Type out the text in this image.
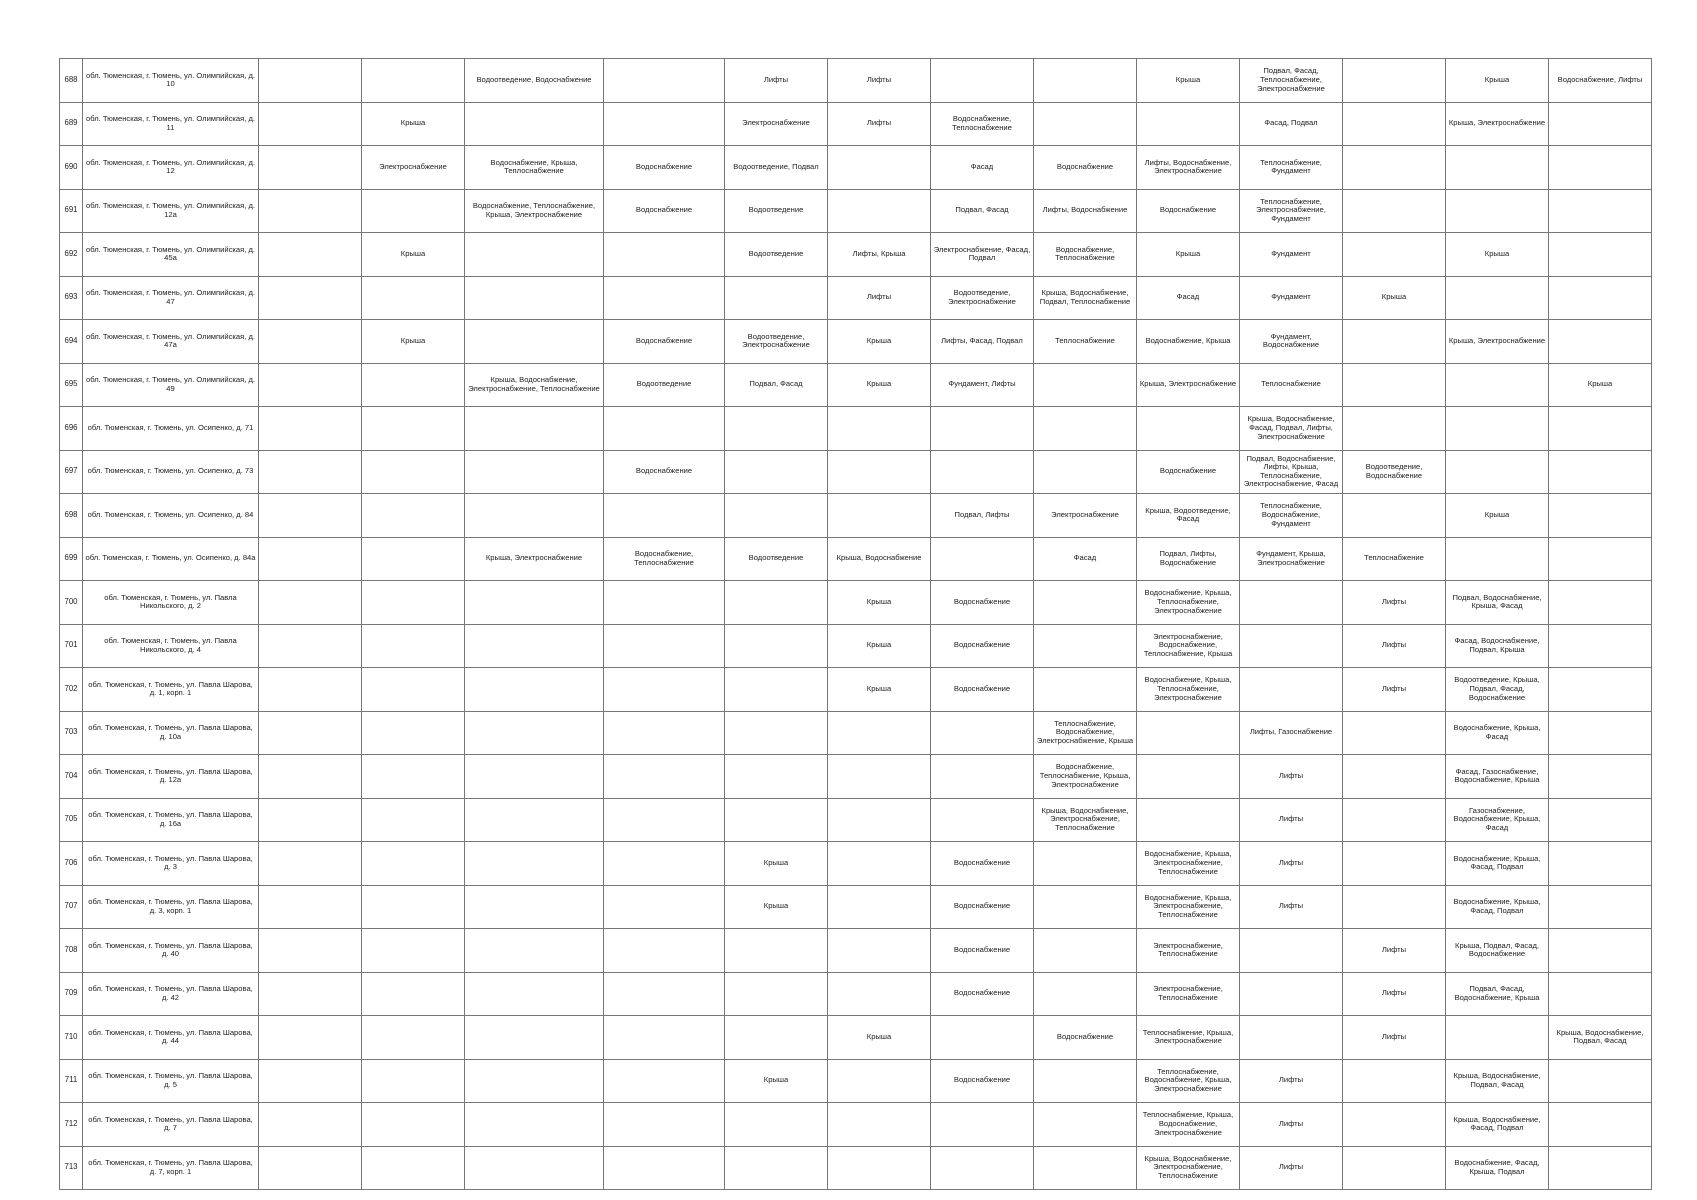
688	обл. Тюменская, г. Тюмень, ул. Олимпийская, д. 10			Водоотведение, Водоснабжение		Лифты	Лифты			Крыша	Подвал, Фасад, Теплоснабжение, Электроснабжение		Крыша	Водоснабжение, Лифты
689	обл. Тюменская, г. Тюмень, ул. Олимпийская, д. 11		Крыша			Электроснабжение	Лифты	Водоснабжение, Теплоснабжение			Фасад, Подвал		Крыша, Электроснабжение	
690	обл. Тюменская, г. Тюмень, ул. Олимпийская, д. 12		Электроснабжение	Водоснабжение, Крыша, Теплоснабжение	Водоснабжение	Водоотведение, Подвал		Фасад	Водоснабжение	Лифты, Водоснабжение, Электроснабжение	Теплоснабжение, Фундамент			
691	обл. Тюменская, г. Тюмень, ул. Олимпийская, д. 12а			Водоснабжение, Теплоснабжение, Крыша, Электроснабжение	Водоснабжение	Водоотведение		Подвал, Фасад	Лифты, Водоснабжение	Водоснабжение	Теплоснабжение, Электроснабжение, Фундамент			
692	обл. Тюменская, г. Тюмень, ул. Олимпийская, д. 45а		Крыша			Водоотведение	Лифты, Крыша	Электроснабжение, Фасад, Подвал	Водоснабжение, Теплоснабжение	Крыша	Фундамент		Крыша	
693	обл. Тюменская, г. Тюмень, ул. Олимпийская, д. 47						Лифты	Водоотведение, Электроснабжение	Крыша, Водоснабжение, Подвал, Теплоснабжение	Фасад	Фундамент	Крыша		
694	обл. Тюменская, г. Тюмень, ул. Олимпийская, д. 47а		Крыша		Водоснабжение	Водоотведение, Электроснабжение	Крыша	Лифты, Фасад, Подвал	Теплоснабжение	Водоснабжение, Крыша	Фундамент, Водоснабжение		Крыша, Электроснабжение	
695	обл. Тюменская, г. Тюмень, ул. Олимпийская, д. 49			Крыша, Водоснабжение, Электроснабжение, Теплоснабжение	Водоотведение	Подвал, Фасад	Крыша	Фундамент, Лифты		Крыша, Электроснабжение	Теплоснабжение			Крыша
696	обл. Тюменская, г. Тюмень, ул. Осипенко, д. 71										Крыша, Водоснабжение, Фасад, Подвал, Лифты, Электроснабжение			
697	обл. Тюменская, г. Тюмень, ул. Осипенко, д. 73				Водоснабжение					Водоснабжение	Подвал, Водоснабжение, Лифты, Крыша, Теплоснабжение, Электроснабжение, Фасад	Водоотведение, Водоснабжение		
698	обл. Тюменская, г. Тюмень, ул. Осипенко, д. 84							Подвал, Лифты	Электроснабжение	Крыша, Водоотведение, Фасад	Теплоснабжение, Водоснабжение, Фундамент		Крыша	
699	обл. Тюменская, г. Тюмень, ул. Осипенко, д. 84а			Крыша, Электроснабжение	Водоснабжение, Теплоснабжение	Водоотведение	Крыша, Водоснабжение		Фасад	Подвал, Лифты, Водоснабжение	Фундамент, Крыша, Электроснабжение	Теплоснабжение		
700	обл. Тюменская, г. Тюмень, ул. Павла Никольского, д. 2						Крыша	Водоснабжение		Водоснабжение, Крыша, Теплоснабжение, Электроснабжение		Лифты	Подвал, Водоснабжение, Крыша, Фасад	
701	обл. Тюменская, г. Тюмень, ул. Павла Никольского, д. 4						Крыша	Водоснабжение		Электроснабжение, Водоснабжение, Теплоснабжение, Крыша		Лифты	Фасад, Водоснабжение, Подвал, Крыша	
702	обл. Тюменская, г. Тюмень, ул. Павла Шарова, д. 1, корп. 1						Крыша	Водоснабжение		Водоснабжение, Крыша, Теплоснабжение, Электроснабжение		Лифты	Водоотведение, Крыша, Подвал, Фасад, Водоснабжение	
703	обл. Тюменская, г. Тюмень, ул. Павла Шарова, д. 10а								Теплоснабжение, Водоснабжение, Электроснабжение, Крыша		Лифты, Газоснабжение		Водоснабжение, Крыша, Фасад	
704	обл. Тюменская, г. Тюмень, ул. Павла Шарова, д. 12а								Водоснабжение, Теплоснабжение, Крыша, Электроснабжение		Лифты		Фасад, Газоснабжение, Водоснабжение, Крыша	
705	обл. Тюменская, г. Тюмень, ул. Павла Шарова, д. 16а								Крыша, Водоснабжение, Электроснабжение, Теплоснабжение		Лифты		Газоснабжение, Водоснабжение, Крыша, Фасад	
706	обл. Тюменская, г. Тюмень, ул. Павла Шарова, д. 3					Крыша		Водоснабжение		Водоснабжение, Крыша, Электроснабжение, Теплоснабжение	Лифты		Водоснабжение, Крыша, Фасад, Подвал	
707	обл. Тюменская, г. Тюмень, ул. Павла Шарова, д. 3, корп. 1					Крыша		Водоснабжение		Водоснабжение, Крыша, Электроснабжение, Теплоснабжение	Лифты		Водоснабжение, Крыша, Фасад, Подвал	
708	обл. Тюменская, г. Тюмень, ул. Павла Шарова, д. 40							Водоснабжение		Электроснабжение, Теплоснабжение		Лифты	Крыша, Подвал, Фасад, Водоснабжение	
709	обл. Тюменская, г. Тюмень, ул. Павла Шарова, д. 42							Водоснабжение		Электроснабжение, Теплоснабжение		Лифты	Подвал, Фасад, Водоснабжение, Крыша	
710	обл. Тюменская, г. Тюмень, ул. Павла Шарова, д. 44						Крыша		Водоснабжение	Теплоснабжение, Крыша, Электроснабжение		Лифты		Крыша, Водоснабжение, Подвал, Фасад
711	обл. Тюменская, г. Тюмень, ул. Павла Шарова, д. 5					Крыша		Водоснабжение		Теплоснабжение, Водоснабжение, Крыша, Электроснабжение	Лифты		Крыша, Водоснабжение, Подвал, Фасад	
712	обл. Тюменская, г. Тюмень, ул. Павла Шарова, д. 7									Теплоснабжение, Крыша, Водоснабжение, Электроснабжение	Лифты		Крыша, Водоснабжение, Фасад, Подвал	
713	обл. Тюменская, г. Тюмень, ул. Павла Шарова, д. 7, корп. 1									Крыша, Водоснабжение, Электроснабжение, Теплоснабжение	Лифты		Водоснабжение, Фасад, Крыша, Подвал	
